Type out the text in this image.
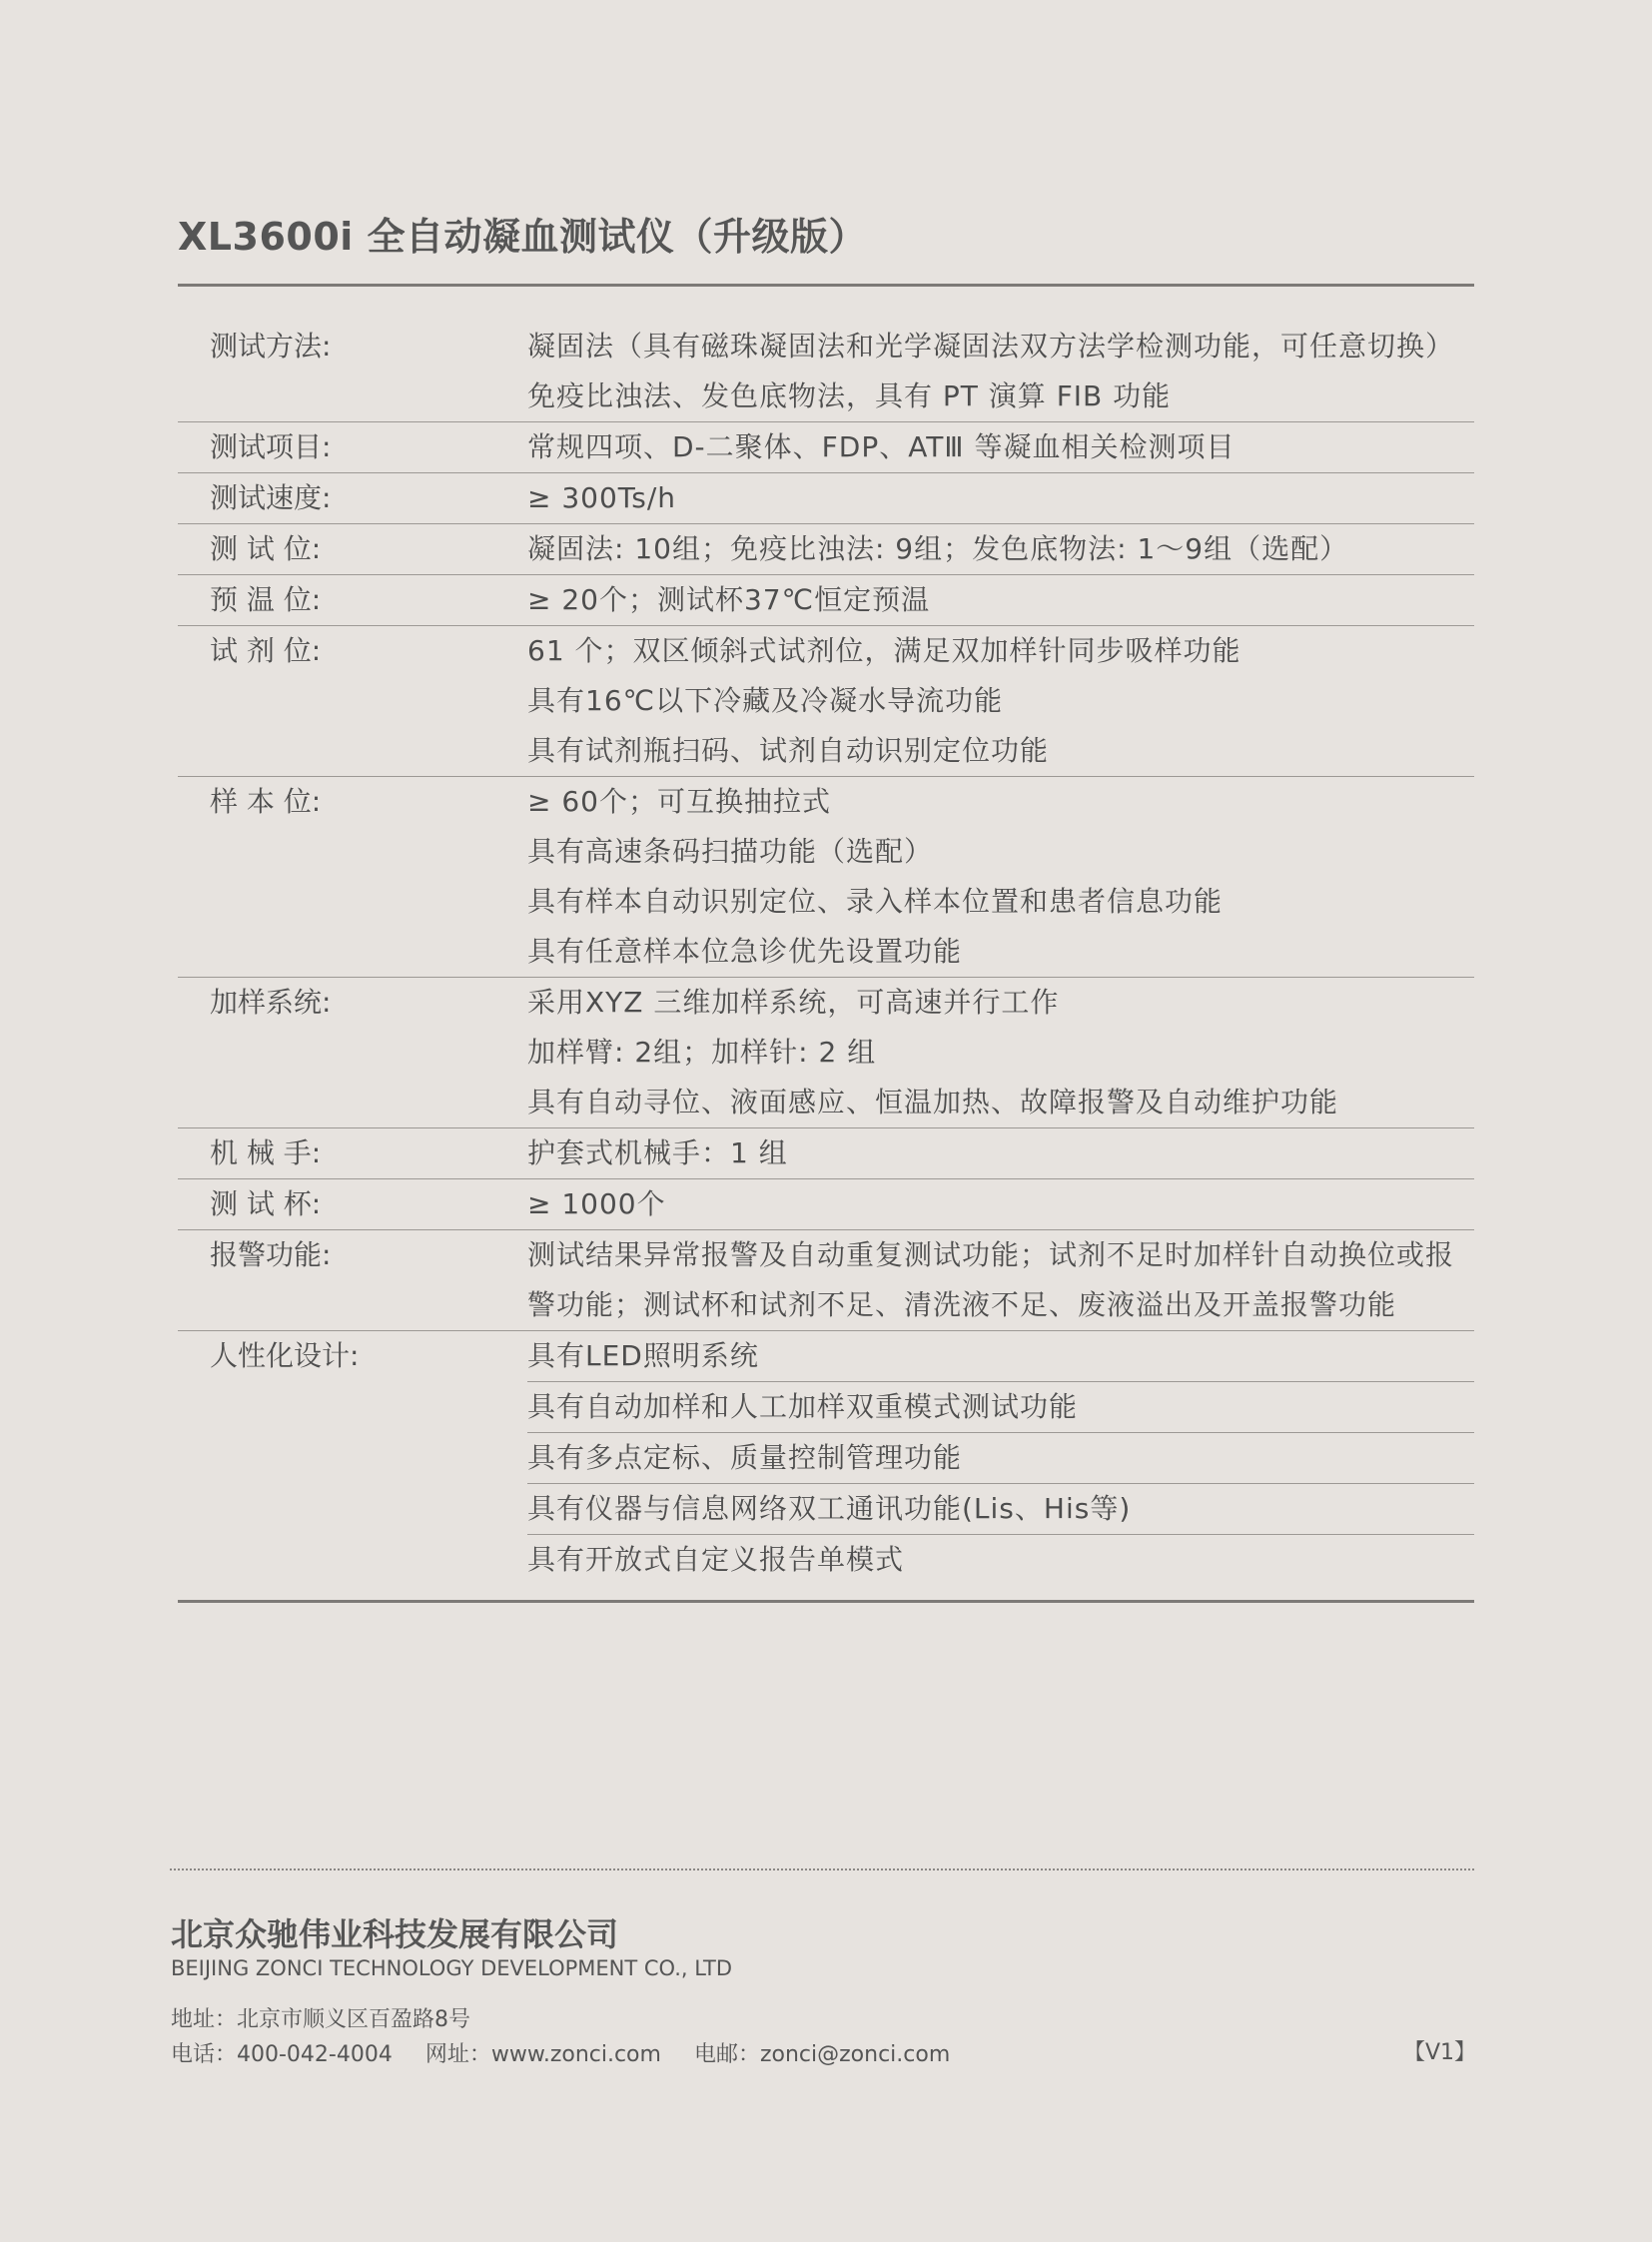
XL3600i 全自动凝血测试仪（升级版）
测试方法:	凝固法（具有磁珠凝固法和光学凝固法双方法学检测功能，可任意切换）
免疫比浊法、发色底物法，具有 PT 演算 FIB 功能
测试项目:	常规四项、D-二聚体、FDP、ATⅢ 等凝血相关检测项目
测试速度:	≥ 300Ts/h
测 试 位:	凝固法: 10组；免疫比浊法: 9组；发色底物法: 1～9组（选配）
预 温 位:	≥ 20个；测试杯37℃恒定预温
试 剂 位:	61 个；双区倾斜式试剂位，满足双加样针同步吸样功能
具有16℃以下冷藏及冷凝水导流功能
具有试剂瓶扫码、试剂自动识别定位功能
样 本 位:	≥ 60个；可互换抽拉式
具有高速条码扫描功能（选配）
具有样本自动识别定位、录入样本位置和患者信息功能
具有任意样本位急诊优先设置功能
加样系统:	采用XYZ 三维加样系统，可高速并行工作
加样臂: 2组；加样针: 2 组
具有自动寻位、液面感应、恒温加热、故障报警及自动维护功能
机 械 手:	护套式机械手：1 组
测 试 杯:	≥ 1000个
报警功能:	测试结果异常报警及自动重复测试功能；试剂不足时加样针自动换位或报
警功能；测试杯和试剂不足、清洗液不足、废液溢出及开盖报警功能
人性化设计:	具有LED照明系统
具有自动加样和人工加样双重模式测试功能
具有多点定标、质量控制管理功能
具有仪器与信息网络双工通讯功能(Lis、His等)
具有开放式自定义报告单模式
北京众驰伟业科技发展有限公司
BEIJING ZONCI TECHNOLOGY DEVELOPMENT CO., LTD
地址：北京市顺义区百盈路8号
电话：400-042-4004 网址：www.zonci.com 电邮：zonci@zonci.com	【V1】
